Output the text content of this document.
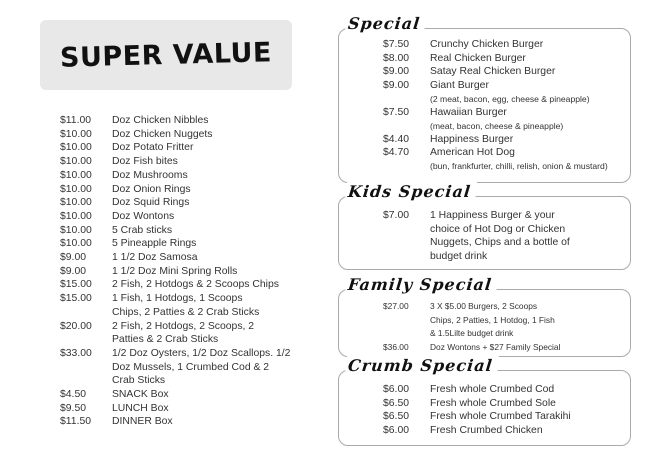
SUPER VALUE
$11.00	Doz Chicken Nibbles
$10.00	Doz Chicken Nuggets
$10.00	Doz Potato Fritter
$10.00	Doz Fish bites
$10.00	Doz Mushrooms
$10.00	Doz Onion Rings
$10.00	Doz Squid Rings
$10.00	Doz Wontons
$10.00	5 Crab sticks
$10.00	5 Pineapple Rings
$9.00	1 1/2 Doz Samosa
$9.00	1 1/2 Doz Mini Spring Rolls
$15.00	2 Fish, 2 Hotdogs & 2 Scoops Chips
$15.00	1 Fish, 1 Hotdogs, 1 Scoops
Chips, 2 Patties & 2 Crab Sticks
$20.00	2 Fish, 2 Hotdogs, 2 Scoops, 2
Patties & 2 Crab Sticks
$33.00	1/2 Doz Oysters, 1/2 Doz Scallops. 1/2
Doz Mussels, 1 Crumbed Cod & 2
Crab Sticks
$4.50	SNACK Box
$9.50	LUNCH Box
$11.50	DINNER Box
Special
$7.50	Crunchy Chicken Burger
$8.00	Real Chicken Burger
$9.00	Satay Real Chicken Burger
$9.00	Giant Burger
(2 meat, bacon, egg, cheese & pineapple)
$7.50	Hawaiian Burger
(meat, bacon, cheese & pineapple)
$4.40	Happiness Burger
$4.70	American Hot Dog
(bun, frankfurter, chilli, relish, onion & mustard)
Kids Special
$7.00	1 Happiness Burger & your
choice of Hot Dog or Chicken
Nuggets, Chips and a bottle of
budget drink
Family Special
$27.00	3 X $5.00 Burgers, 2 Scoops
Chips, 2 Patties, 1 Hotdog, 1 Fish
& 1.5Lilte budget drink
$36.00	Doz Wontons + $27 Family Special
Crumb Special
$6.00	Fresh whole Crumbed Cod
$6.50	Fresh whole Crumbed Sole
$6.50	Fresh whole Crumbed Tarakihi
$6.00	Fresh Crumbed Chicken
